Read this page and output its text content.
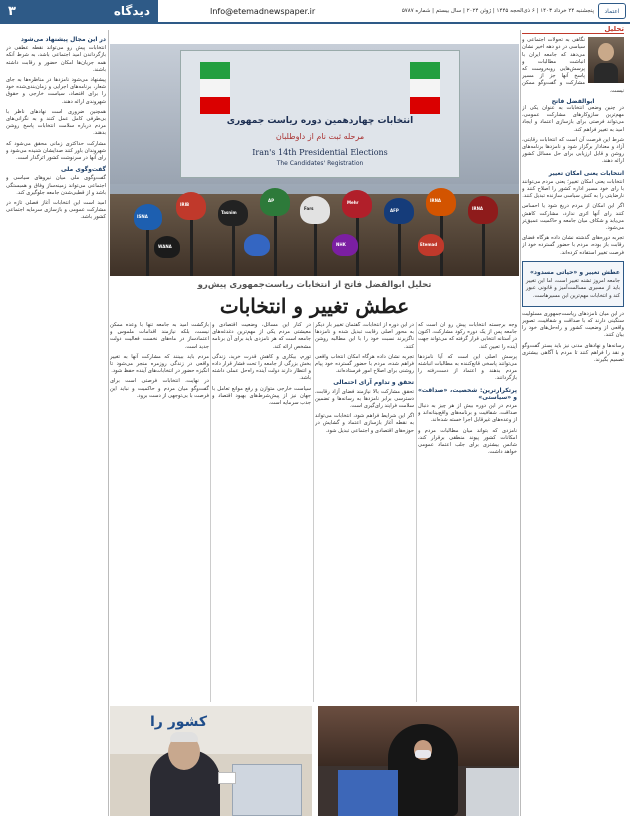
۳	دیدگاه	Info@etemadnewspaper.ir	پنجشنبه ۲۴ خرداد ۱۴۰۳ | ۶ ذی‌الحجه ۱۴۴۵ | ژوئن ۲۰۲۴ | سال بیستم | شماره ۵۷۸۷	اعتماد
تحلیل

نگاهی به تحولات اجتماعی و سیاسی در دو دهه اخیر نشان می‌دهد که جامعه ایران با انباشت مطالبات و پرسش‌هایی روبه‌روست که پاسخ آنها جز از مسیر مشارکت و گفت‌وگو ممکن نیست.

ابوالفضل فاتح

در چنین وضعی انتخابات به عنوان یکی از مهم‌ترین سازوکارهای مشارکت عمومی، می‌تواند فرصتی برای بازسازی اعتماد و ایجاد امید به تغییر فراهم کند.

شرط این فرصت آن است که انتخابات رقابتی، آزاد و معنادار برگزار شود و نامزدها برنامه‌های روشن و قابل ارزیابی برای حل مسائل کشور ارائه دهند.

انتخابات یعنی امکان تغییر

انتخابات یعنی امکان تغییر؛ یعنی مردم می‌توانند با رای خود مسیر اداره کشور را اصلاح کنند و نارضایتی را به کنش سیاسی سازنده تبدیل کنند.

اگر این امکان از مردم دریغ شود یا احساس کنند رای آنها اثری ندارد، مشارکت کاهش می‌یابد و شکاف میان جامعه و حاکمیت عمیق‌تر می‌شود.

تجربه دوره‌های گذشته نشان داده هرگاه فضای رقابت باز بوده، مردم با حضور گسترده خود از فرصت تغییر استفاده کرده‌اند.

عطش تغییر و «حیاتی مسدود»

جامعه امروز تشنه تغییر است، اما این تغییر باید از مسیری مسالمت‌آمیز و قانونی عبور کند و انتخابات مهم‌ترین این مسیرهاست.

در این میان نامزدهای ریاست‌جمهوری مسئولیت سنگینی دارند که با صداقت و شفافیت، تصویر واقعی از وضعیت کشور و راه‌حل‌های خود را بیان کنند.

رسانه‌ها و نهادهای مدنی نیز باید بستر گفت‌وگو و نقد را فراهم کنند تا مردم با آگاهی بیشتری تصمیم بگیرند.

در این مجال پیشنهاد می‌شود

انتخابات پیش رو می‌تواند نقطه عطفی در بازگرداندن امید اجتماعی باشد، به شرط آنکه همه جریان‌ها امکان حضور و رقابت داشته باشند.

پیشنهاد می‌شود نامزدها در مناظره‌ها به جای شعار، برنامه‌های اجرایی و زمان‌بندی‌شده خود را برای اقتصاد، سیاست خارجی و حقوق شهروندی ارائه دهند.

همچنین ضروری است نهادهای ناظر با بی‌طرفی کامل عمل کنند و به نگرانی‌های مردم درباره سلامت انتخابات پاسخ روشن بدهند.

مشارکت حداکثری زمانی محقق می‌شود که شهروندان باور کنند صدایشان شنیده می‌شود و رای آنها در سرنوشت کشور اثرگذار است.

گفت‌وگوی ملی

گفت‌وگوی ملی میان نیروهای سیاسی و اجتماعی می‌تواند زمینه‌ساز وفاق و همبستگی باشد و از قطبی‌شدن جامعه جلوگیری کند.

امید است این انتخابات آغاز فصلی تازه در مشارکت عمومی و بازسازی سرمایه اجتماعی کشور باشد.

انتخابات چهاردهمین دوره ریاست جمهوری
مرحله ثبت نام از داوطلبان
Iran's 14th Presidential Elections
The Candidates' Registration
ISNA
IRIB
Tasnim
AP
Fars
Mehr
AFP
IRNA
WANA	Etemad
IRNA
NHK
تحلیل ابوالفضل فاتح از انتخابات ریاست‌جمهوری پیش‌رو
عطش تغییر و انتخابات

وجه برجسته انتخابات پیش رو آن است که جامعه پس از یک دوره رکود مشارکت، اکنون در آستانه انتخابی قرار گرفته که می‌تواند جهت آینده را تعیین کند.

پرسش اصلی این است که آیا نامزدها می‌توانند پاسخی قانع‌کننده به مطالبات انباشته مردم بدهند و اعتماد از دست‌رفته را بازگردانند.

پرتکرارترین: شخصیت، «صداقت» و «سیاستی»

مردم در این دوره بیش از هر چیز به دنبال صداقت، شفافیت و برنامه‌های واقع‌بینانه‌اند و از وعده‌های غیرقابل اجرا خسته شده‌اند.

نامزدی که بتواند میان مطالبات مردم و امکانات کشور پیوند منطقی برقرار کند، شانس بیشتری برای جلب اعتماد عمومی خواهد داشت.

در این دوره از انتخابات، گفتمان تغییر بار دیگر به محور اصلی رقابت تبدیل شده و نامزدها ناگزیرند نسبت خود را با این مطالبه روشن کنند.

تجربه نشان داده هرگاه امکان انتخاب واقعی فراهم شده، مردم با حضور گسترده خود پیام روشنی برای اصلاح امور فرستاده‌اند.

تحقق و تداوم آرای احتمالی

تحقق مشارکت بالا نیازمند فضای آزاد رقابت، دسترسی برابر نامزدها به رسانه‌ها و تضمین سلامت فرایند رای‌گیری است.

اگر این شرایط فراهم شود، انتخابات می‌تواند به نقطه آغاز بازسازی اعتماد و گشایش در حوزه‌های اقتصادی و اجتماعی تبدیل شود.

در کنار این مسائل، وضعیت اقتصادی و معیشتی مردم یکی از مهم‌ترین دغدغه‌های جامعه است که هر نامزدی باید برای آن برنامه مشخص ارائه کند.

تورم، بیکاری و کاهش قدرت خرید، زندگی بخش بزرگی از جامعه را تحت فشار قرار داده و انتظار دارند دولت آینده راه‌حل عملی داشته باشد.

سیاست خارجی متوازن و رفع موانع تعامل با جهان نیز از پیش‌شرط‌های بهبود اقتصاد و جذب سرمایه است.

بازگشت امید به جامعه تنها با وعده ممکن نیست، بلکه نیازمند اقدامات ملموس و اعتمادساز در ماه‌های نخست فعالیت دولت جدید است.

مردم باید ببینند که مشارکت آنها به تغییر واقعی در زندگی روزمره منجر می‌شود تا انگیزه حضور در انتخابات‌های آینده حفظ شود.

در نهایت، انتخابات فرصتی است برای گفت‌وگو میان مردم و حاکمیت و نباید این فرصت با بی‌توجهی از دست برود.

کشور را
